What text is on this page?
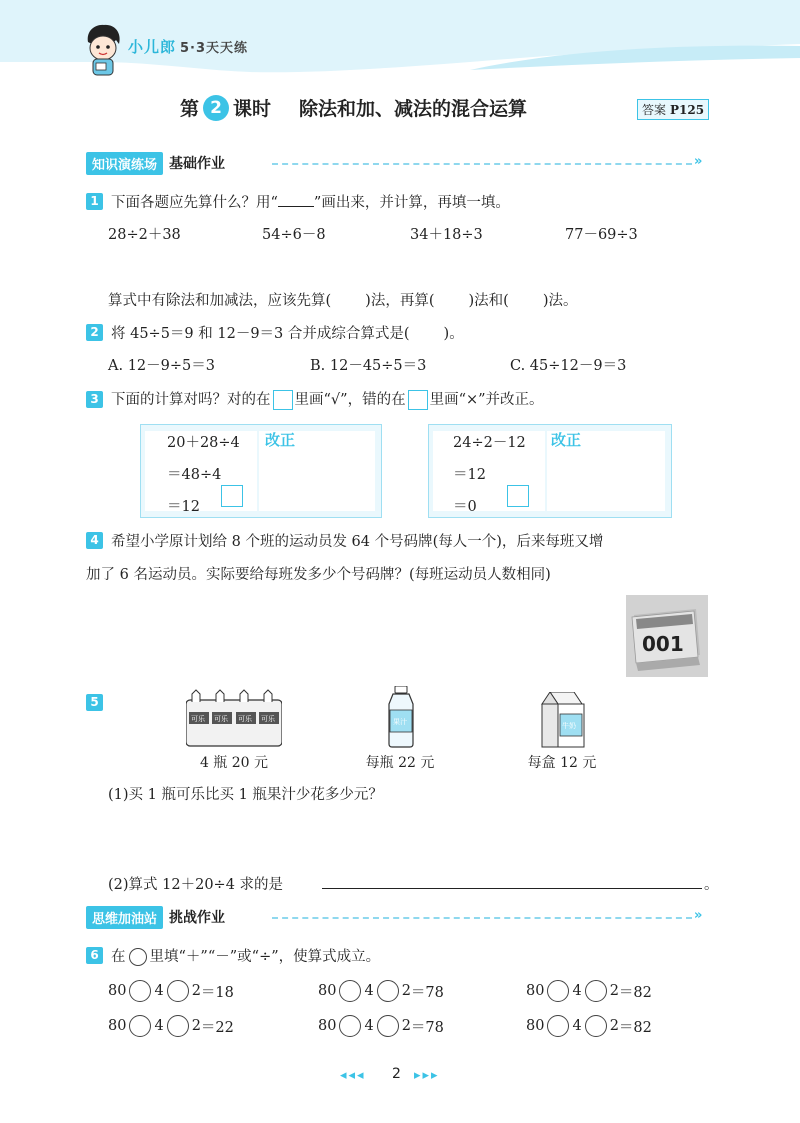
小儿郎 5·3天天练
第 2 课时 除法和加、减法的混合运算	答案 P125
知识演练场 基础作业	»
1 下面各题应先算什么？用“ ”画出来，并计算，再填一填。
28÷2＋38	54÷6－8	34＋18÷3	77－69÷3
算式中有除法和加减法，应该先算( )法，再算( )法和( )法。
2 将 45÷5＝9 和 12－9＝3 合并成综合算式是( )。
A. 12－9÷5＝3	B. 12－45÷5＝3	C. 45÷12－9＝3
3 下面的计算对吗？对的在 里画“√”，错的在 里画“×”并改正。
20＋28÷4
＝48÷4
＝12
改正	24÷2－12
＝12
＝0
改正
4 希望小学原计划给 8 个班的运动员发 64 个号码牌(每人一个)，后来每班又增
加了 6 名运动员。实际要给每班发多少个号码牌？(每班运动员人数相同)
001
5
可乐 可乐 可乐 可乐
4 瓶 20 元
果汁
每瓶 22 元
牛奶
每盒 12 元
(1)买 1 瓶可乐比买 1 瓶果汁少花多少元？
(2)算式 12＋20÷4 求的是	。
思维加油站 挑战作业	»
6 在 里填“＋”“－”或“÷”，使算式成立。
80 4 2 ＝18	80 4 2 ＝78	80 4 2 ＝82
80 4 2 ＝22	80 4 2 ＝78	80 4 2 ＝82
◂◂◂ 2 ▸▸▸
